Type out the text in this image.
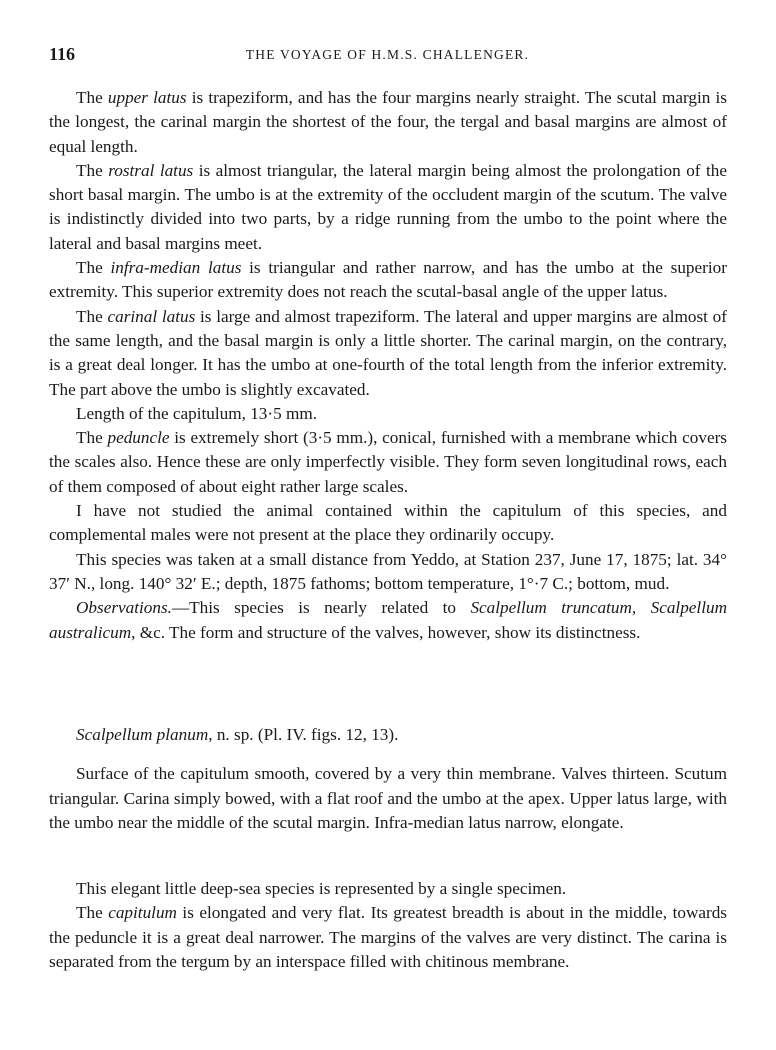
116	THE VOYAGE OF H.M.S. CHALLENGER.

The upper latus is trapeziform, and has the four margins nearly straight. The scutal margin is the longest, the carinal margin the shortest of the four, the tergal and basal margins are almost of equal length.

The rostral latus is almost triangular, the lateral margin being almost the prolongation of the short basal margin. The umbo is at the extremity of the occludent margin of the scutum. The valve is indistinctly divided into two parts, by a ridge running from the umbo to the point where the lateral and basal margins meet.

The infra-median latus is triangular and rather narrow, and has the umbo at the superior extremity. This superior extremity does not reach the scutal-basal angle of the upper latus.

The carinal latus is large and almost trapeziform. The lateral and upper margins are almost of the same length, and the basal margin is only a little shorter. The carinal margin, on the contrary, is a great deal longer. It has the umbo at one-fourth of the total length from the inferior extremity. The part above the umbo is slightly excavated.

Length of the capitulum, 13·5 mm.

The peduncle is extremely short (3·5 mm.), conical, furnished with a membrane which covers the scales also. Hence these are only imperfectly visible. They form seven longitudinal rows, each of them composed of about eight rather large scales.

I have not studied the animal contained within the capitulum of this species, and complemental males were not present at the place they ordinarily occupy.

This species was taken at a small distance from Yeddo, at Station 237, June 17, 1875; lat. 34° 37′ N., long. 140° 32′ E.; depth, 1875 fathoms; bottom temperature, 1°·7 C.; bottom, mud.

Observations.—This species is nearly related to Scalpellum truncatum, Scalpellum australicum, &c. The form and structure of the valves, however, show its distinctness.

Scalpellum planum, n. sp. (Pl. IV. figs. 12, 13).

Surface of the capitulum smooth, covered by a very thin membrane. Valves thirteen. Scutum triangular. Carina simply bowed, with a flat roof and the umbo at the apex. Upper latus large, with the umbo near the middle of the scutal margin. Infra-median latus narrow, elongate.

This elegant little deep-sea species is represented by a single specimen.

The capitulum is elongated and very flat. Its greatest breadth is about in the middle, towards the peduncle it is a great deal narrower. The margins of the valves are very distinct. The carina is separated from the tergum by an interspace filled with chitinous membrane.
